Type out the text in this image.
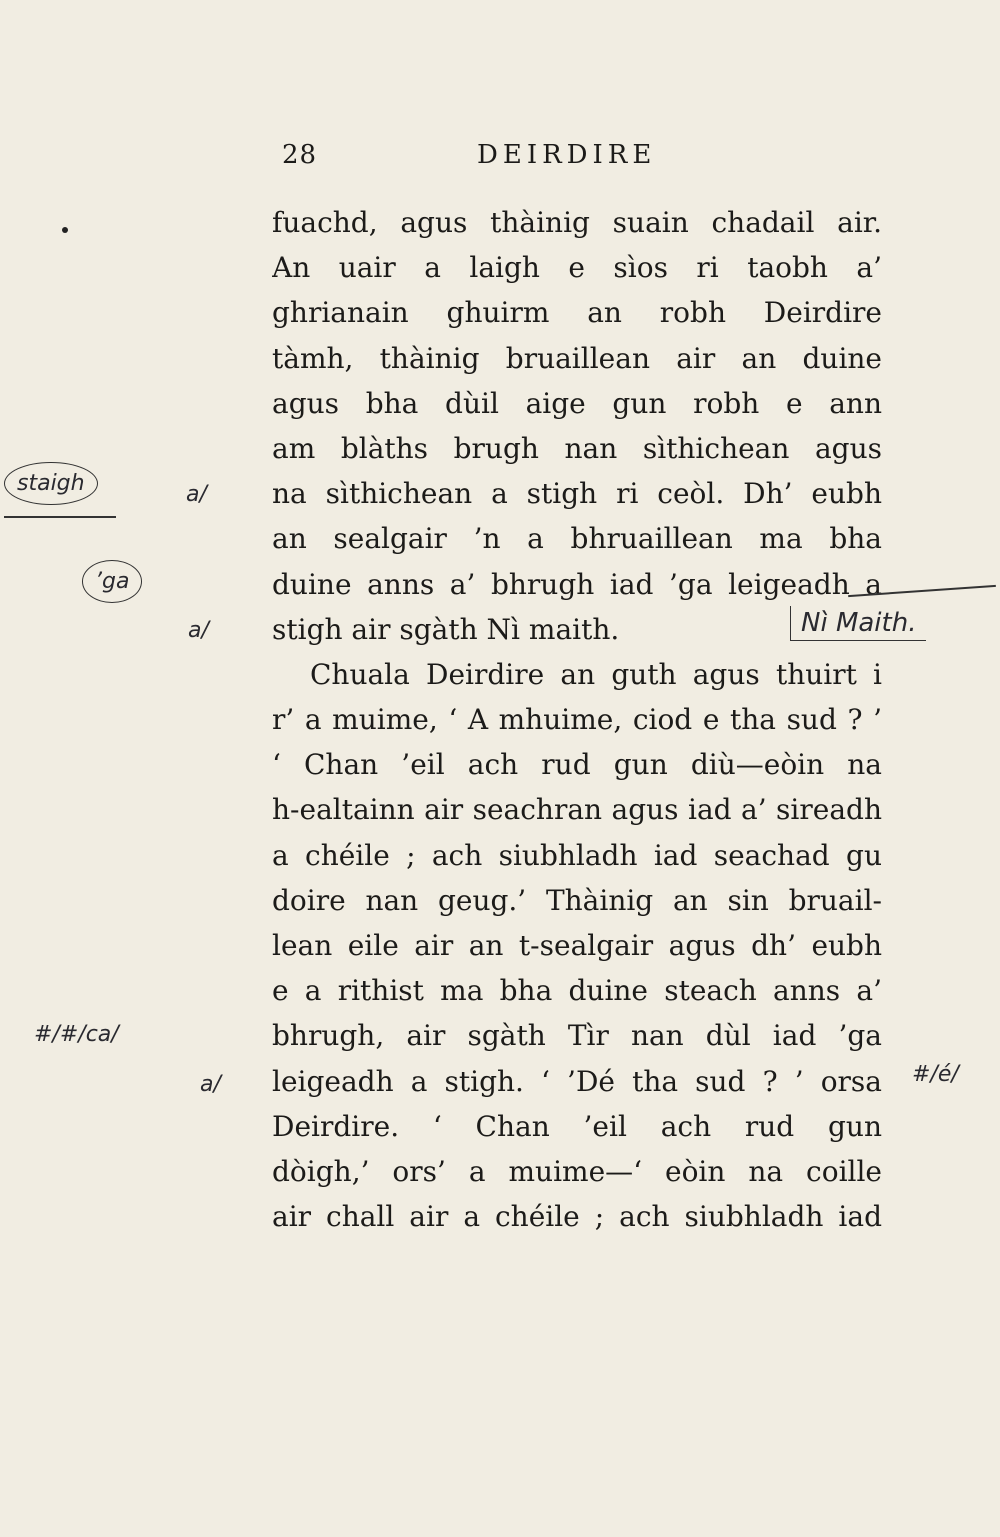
28	DEIRDIRE
fuachd, agus thàinig suain chadail air.
An uair a laigh e sìos ri taobh a’
ghrianain ghuirm an robh Deirdire
tàmh, thàinig bruaillean air an duine
agus bha dùil aige gun robh e ann
am blàths brugh nan sìthichean agus
na sìthichean a stigh ri ceòl. Dh’ eubh
an sealgair ’n a bhruaillean ma bha
duine anns a’ bhrugh iad ’ga leigeadh a
stigh air sgàth Nì maith.
Chuala Deirdire an guth agus thuirt i
r’ a muime, ‘ A mhuime, ciod e tha sud ? ’
‘ Chan ’eil ach rud gun diù—eòin na
h-ealtainn air seachran agus iad a’ sireadh
a chéile ; ach siubhladh iad seachad gu
doire nan geug.’ Thàinig an sin bruail-
lean eile air an t-sealgair agus dh’ eubh
e a rithist ma bha duine steach anns a’
bhrugh, air sgàth Tìr nan dùl iad ’ga
leigeadh a stigh. ‘ ’Dé tha sud ? ’ orsa
Deirdire. ‘ Chan ’eil ach rud gun
dòigh,’ ors’ a muime—‘ eòin na coille
air chall air a chéile ; ach siubhladh iad
staigh
’ga
a/
a/
a/
#/#/ca/
Nì Maith.
#/é/
